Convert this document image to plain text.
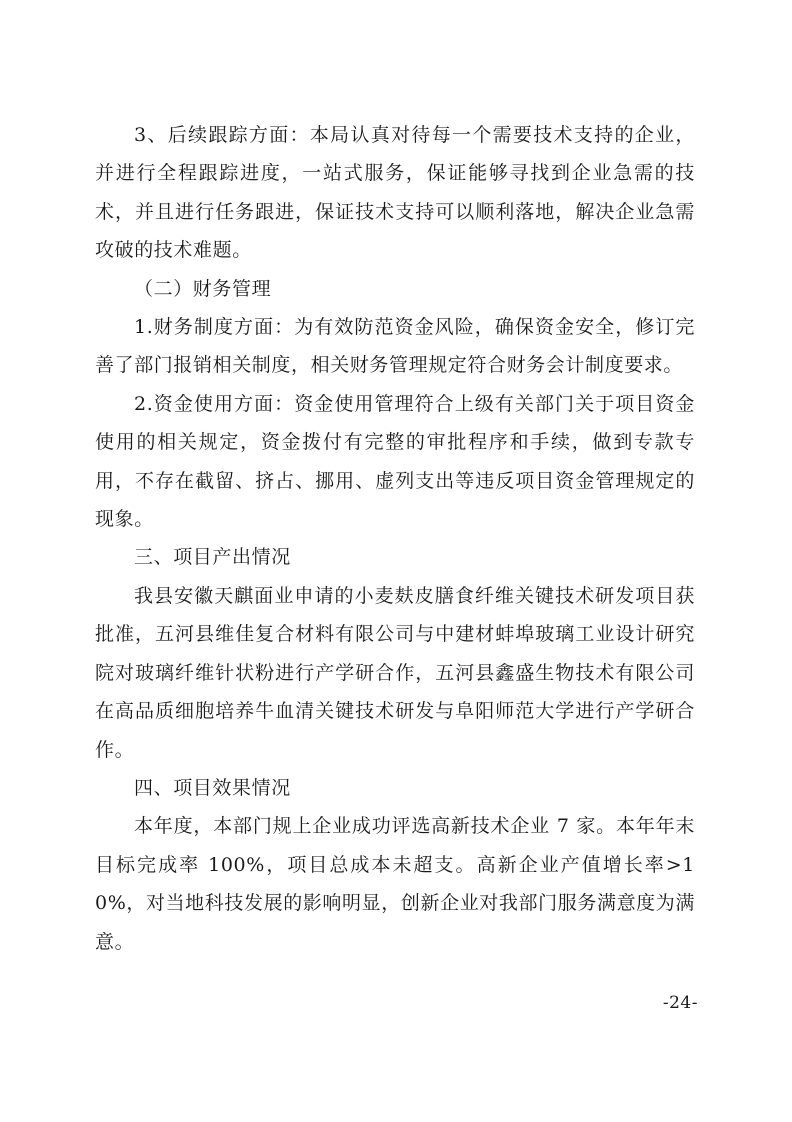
3、后续跟踪方面：本局认真对待每一个需要技术支持的企业，并进行全程跟踪进度，一站式服务，保证能够寻找到企业急需的技术，并且进行任务跟进，保证技术支持可以顺利落地，解决企业急需攻破的技术难题。

（二）财务管理

1.财务制度方面：为有效防范资金风险，确保资金安全，修订完善了部门报销相关制度，相关财务管理规定符合财务会计制度要求。

2.资金使用方面：资金使用管理符合上级有关部门关于项目资金使用的相关规定，资金拨付有完整的审批程序和手续，做到专款专用，不存在截留、挤占、挪用、虚列支出等违反项目资金管理规定的现象。

三、项目产出情况

我县安徽天麒面业申请的小麦麸皮膳食纤维关键技术研发项目获批准，五河县维佳复合材料有限公司与中建材蚌埠玻璃工业设计研究院对玻璃纤维针状粉进行产学研合作，五河县鑫盛生物技术有限公司在高品质细胞培养牛血清关键技术研发与阜阳师范大学进行产学研合作。

四、项目效果情况

本年度，本部门规上企业成功评选高新技术企业 7 家。本年年末目标完成率 100%，项目总成本未超支。高新企业产值增长率>10%，对当地科技发展的影响明显，创新企业对我部门服务满意度为满意。

-24-
